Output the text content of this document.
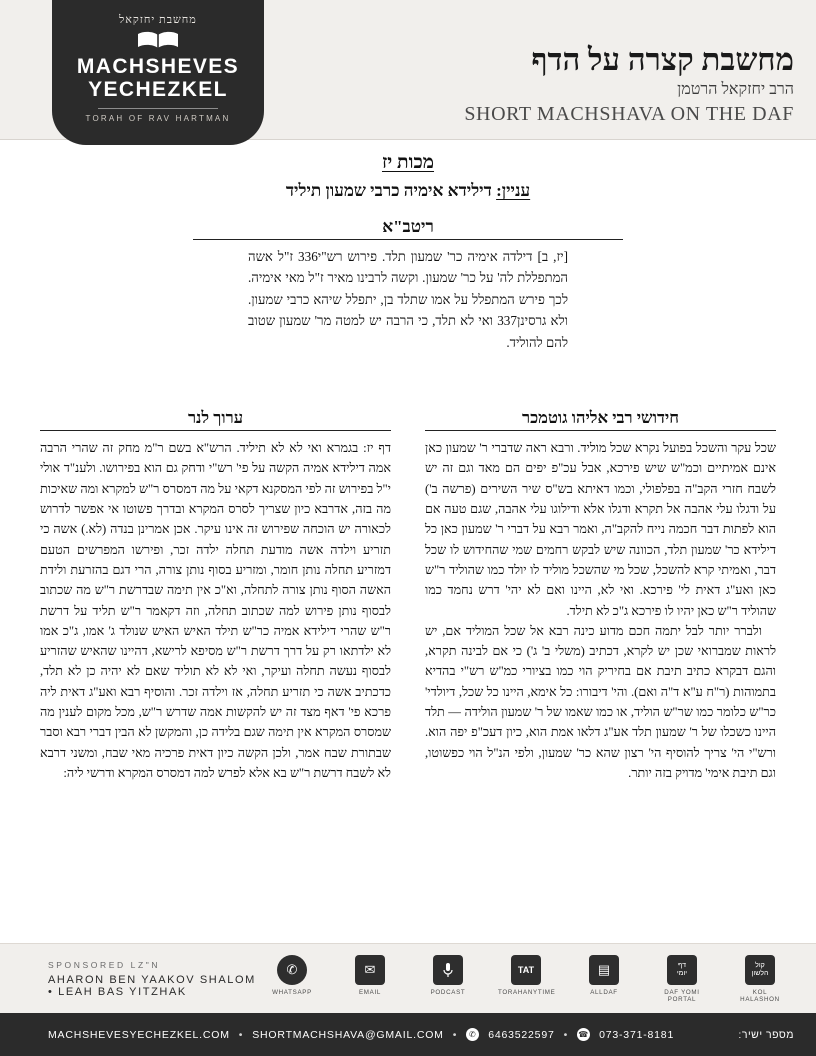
מחשבת יחזקאל
MACHSHEVES
YECHEZKEL
TORAH OF RAV HARTMAN
מחשבת קצרה על הדף
הרב יחזקאל הרטמן
SHORT MACHSHAVA ON THE DAF
מכות יז
עניין: דילידא אימיה כרבי שמעון תיליד
ריטב"א
[יז, ב] דילדה אימיה כר' שמעון תלד. פירוש רש"י336 ז"ל אשה המתפללת לה' על כר' שמעון. וקשה לרבינו מאיר ז"ל מאי אימיה. לכך פירש המתפלל על אמו שתלד בן, יתפלל שיהא כרבי שמעון. ולא גרסינן337 ואי לא תלד, כי הרבה יש למטה מר' שמעון שטוב להם להוליד.
ערוך לנר

דף יז: בגמרא ואי לא לא תיליד. הרש"א בשם ר"מ מחק זה שהרי הרבה אמה דילידא אמיה הקשה על פי' רש"י ודחק גם הוא בפירושו. ולענ"ד אולי י"ל בפירוש זה לפי המסקנא דקאי על מה דמסרס ר"ש למקרא ומה שאיכות מה בזה, אדרבא כיון שצריך לסרס המקרא ובדרך פשוטו אי אפשר לדרוש לכאורה יש הוכחה שפירוש זה אינו עיקר. אכן אמרינן בנדה (לא.) אשה כי תזריע וילדה אשה מודעת תחלה ילדה זכר, ופירשו המפרשים הטעם דמזריע תחלה נותן חומר, ומזריע בסוף נותן צורה, הרי דגם בהזרעת ולידת האשה הסוף נותן צורה לתחלה, וא"כ אין תימה שבדרשת ר"ש מה שכתוב לבסוף נותן פירוש למה שכתוב תחלה, וזה דקאמר ר"ש תליד על דרשת ר"ש שהרי דילידא אמיה כר"ש תילד האיש האיש שנולד ג' אמו, ג"כ אמו לא ילדתאו רק על דרך דרשת ר"ש מסיפא לרישא, דהיינו שהאיש שהזריע לבסוף נעשה תחלה ועיקר, ואי לא לא תוליד שאם לא יהיה כן לא תלד, כדכתיב אשה כי תזריע תחלה, אז וילדה זכר. והוסיף רבא ואע"ג דאית ליה פרכא פי' דאף מצד זה יש להקשות אמה שדרש ר"ש, מכל מקום לענין מה שמסרס המקרא אין תימה שגם בלידה כן, והמקשן לא הבין דברי רבא וסבר שבתורת שבח אמר, ולכן הקשה כיון דאית פרכיה מאי שבח, ומשני דרבא לא לשבח דרשת ר"ש בא אלא לפרש למה דמסרס המקרא ודרשי ליה:

חידושי רבי אליהו גוטמכר

שכל עקר והשכל בפועל נקרא שכל מוליד. ורבא ראה שדברי ר' שמעון כאן אינם אמיתיים וכמ"ש שיש פירכא, אבל עכ"פ יפים הם מאד וגם זה יש לשבח חזרי הקב"ה בפלפולי, וכמו דאיתא בש"ס שיר השירים (פרשה ב') על ודגלו עלי אהבה אל תקרא ודגלו אלא ודילוגו עלי אהבה, שגם טעה אם הוא לפתות דבר חכמה נייח להקב"ה, ואמר רבא על דברי ר' שמעון כאן כל דילידא כר' שמעון תלד, הכוונה שיש לבקש רחמים שמי שהחידוש לו שכל דבר, ואמיתי קרא להשכל, שכל מי שהשכל מוליד לו יולד כמו שהוליד ר"ש כאן ואע"ג דאית לי' פירכא. ואי לא, היינו ואם לא יהי' דרש נחמד כמו שהוליד ר"ש כאן יהיו לו פירכא ג"כ לא תילד.

ולברר יותר לבל יתמה חכם מדוע כינה רבא אל שכל המוליד אם, יש לראות שמברואי שכן יש לקרא, דכתיב (משלי ב' ג') כי אם לבינה תקרא, והגם דבקרא כתיב תיבת אם בחיריק הוי כמו בציורי כמ"ש רש"י בהדיא בתמוהות (ר"ח ע"א ד"ה ואם). והי' דיבורו: כל אימא, היינו כל שכל, דיולדי' כר"ש כלומר כמו שר"ש הוליד, או כמו שאמו של ר' שמעון הולידה — תלד היינו כשכלו של ר' שמעון תלד אע"ג דלאו אמת הוא, כיון דעכ"פ יפה הוא. ורש"י הי' צריך להוסיף הי' רצון שהא כר' שמעון, ולפי הנ"ל הוי כפשוטו, וגם תיבת אימי' מדויק בזה יותר.

SPONSORED LZ"N
AHARON BEN YAAKOV SHALOM • LEAH BAS YITZHAK
✆
WHATSAPP
✉
EMAIL	PODCAST
TAT
TORAHANYTIME
▤
ALLDAF
דף
יומי
DAF YOMI PORTAL
קול
הלשון
KOL HALASHON
MACHSHEVESYECHEZKEL.COM • SHORTMACHSHAVA@GMAIL.COM •	✆ 6463522597 • ☎ 073-371-8181	מספר ישיר:
